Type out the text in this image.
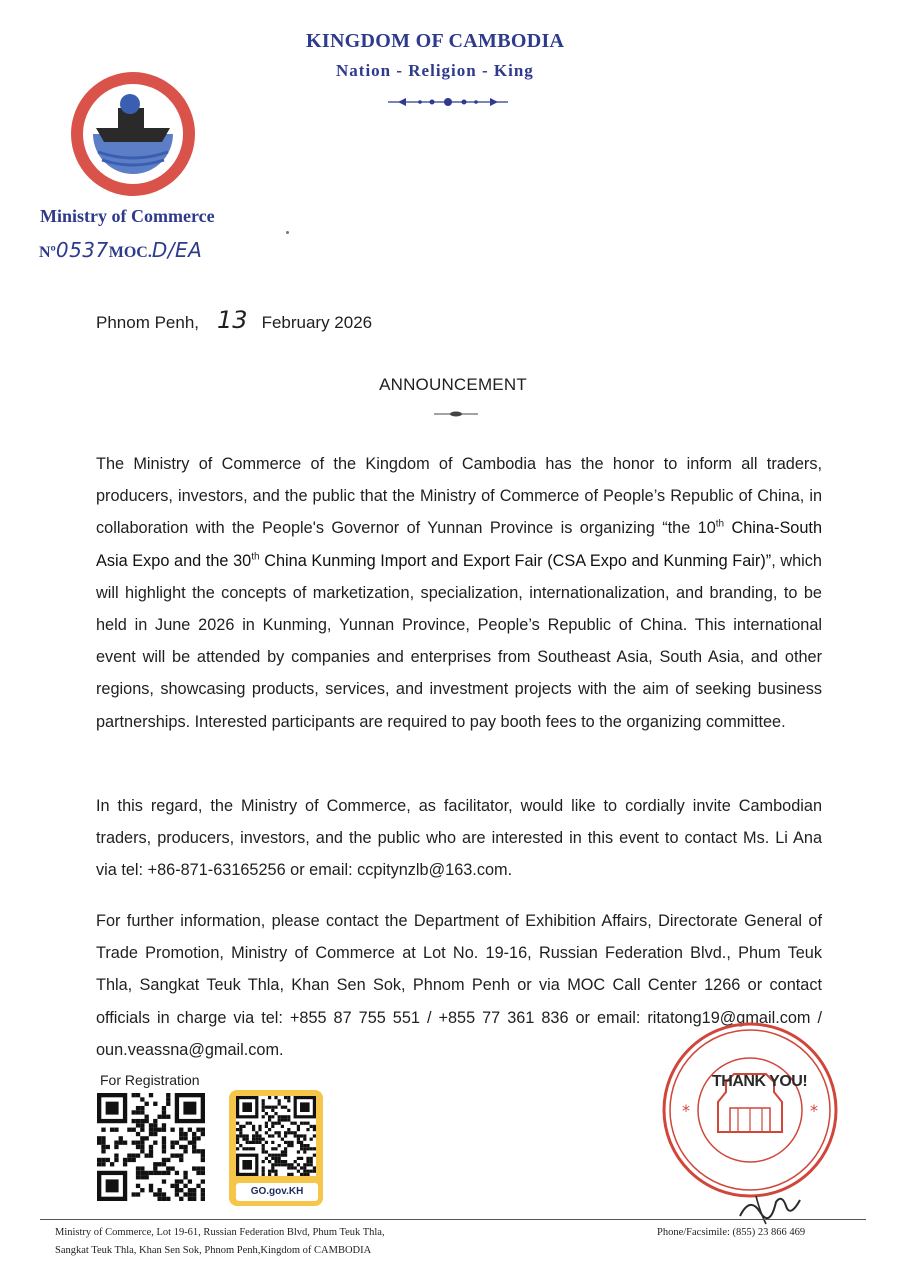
KINGDOM OF CAMBODIA
Nation - Religion - King
Ministry of Commerce
Nº0537MOC.D/EA
Phnom Penh, 13 February 2026
ANNOUNCEMENT

The Ministry of Commerce of the Kingdom of Cambodia has the honor to inform all traders, producers, investors, and the public that the Ministry of Commerce of People’s Republic of China, in collaboration with the People's Governor of Yunnan Province is organizing “the 10th China-South Asia Expo and the 30th China Kunming Import and Export Fair (CSA Expo and Kunming Fair)”, which will highlight the concepts of marketization, specialization, internationalization, and branding, to be held in June 2026 in Kunming, Yunnan Province, People’s Republic of China. This international event will be attended by companies and enterprises from Southeast Asia, South Asia, and other regions, showcasing products, services, and investment projects with the aim of seeking business partnerships. Interested participants are required to pay booth fees to the organizing committee.

In this regard, the Ministry of Commerce, as facilitator, would like to cordially invite Cambodian traders, producers, investors, and the public who are interested in this event to contact Ms. Li Ana via tel: +86-871-63165256 or email: ccpitynzlb@163.com.

For further information, please contact the Department of Exhibition Affairs, Directorate General of Trade Promotion, Ministry of Commerce at Lot No. 19-16, Russian Federation Blvd., Phum Teuk Thla, Sangkat Teuk Thla, Khan Sen Sok, Phnom Penh or via MOC Call Center 1266 or contact officials in charge via tel: +855 87 755 551 / +855 77 361 836 or email: ritatong19@gmail.com / oun.veassna@gmail.com.

For Registration
GO.gov.KH
*	*
THANK YOU!
Ministry of Commerce, Lot 19-61, Russian Federation Blvd, Phum Teuk Thla,
Sangkat Teuk Thla, Khan Sen Sok, Phnom Penh,Kingdom of CAMBODIA
Phone/Facsimile: (855) 23 866 469
